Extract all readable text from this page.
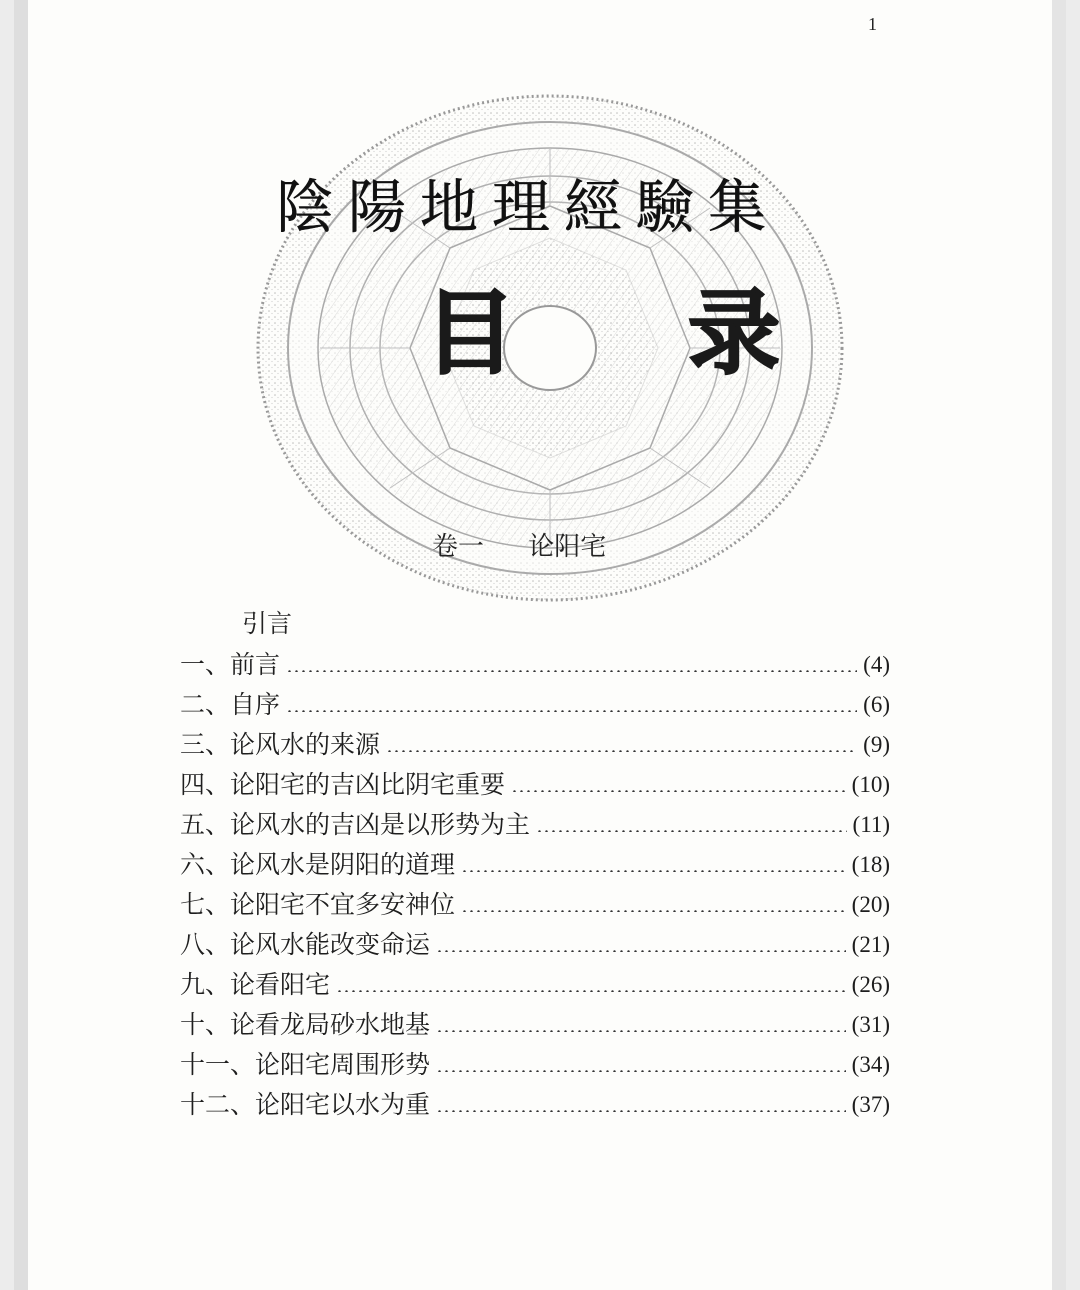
1
陰陽地理經驗集
目 录
卷一 论阳宅
引言
一、前言	(4)
二、自序	(6)
三、论风水的来源	(9)
四、论阳宅的吉凶比阴宅重要	(10)
五、论风水的吉凶是以形势为主	(11)
六、论风水是阴阳的道理	(18)
七、论阳宅不宜多安神位	(20)
八、论风水能改变命运	(21)
九、论看阳宅	(26)
十、论看龙局砂水地基	(31)
十一、论阳宅周围形势	(34)
十二、论阳宅以水为重	(37)
